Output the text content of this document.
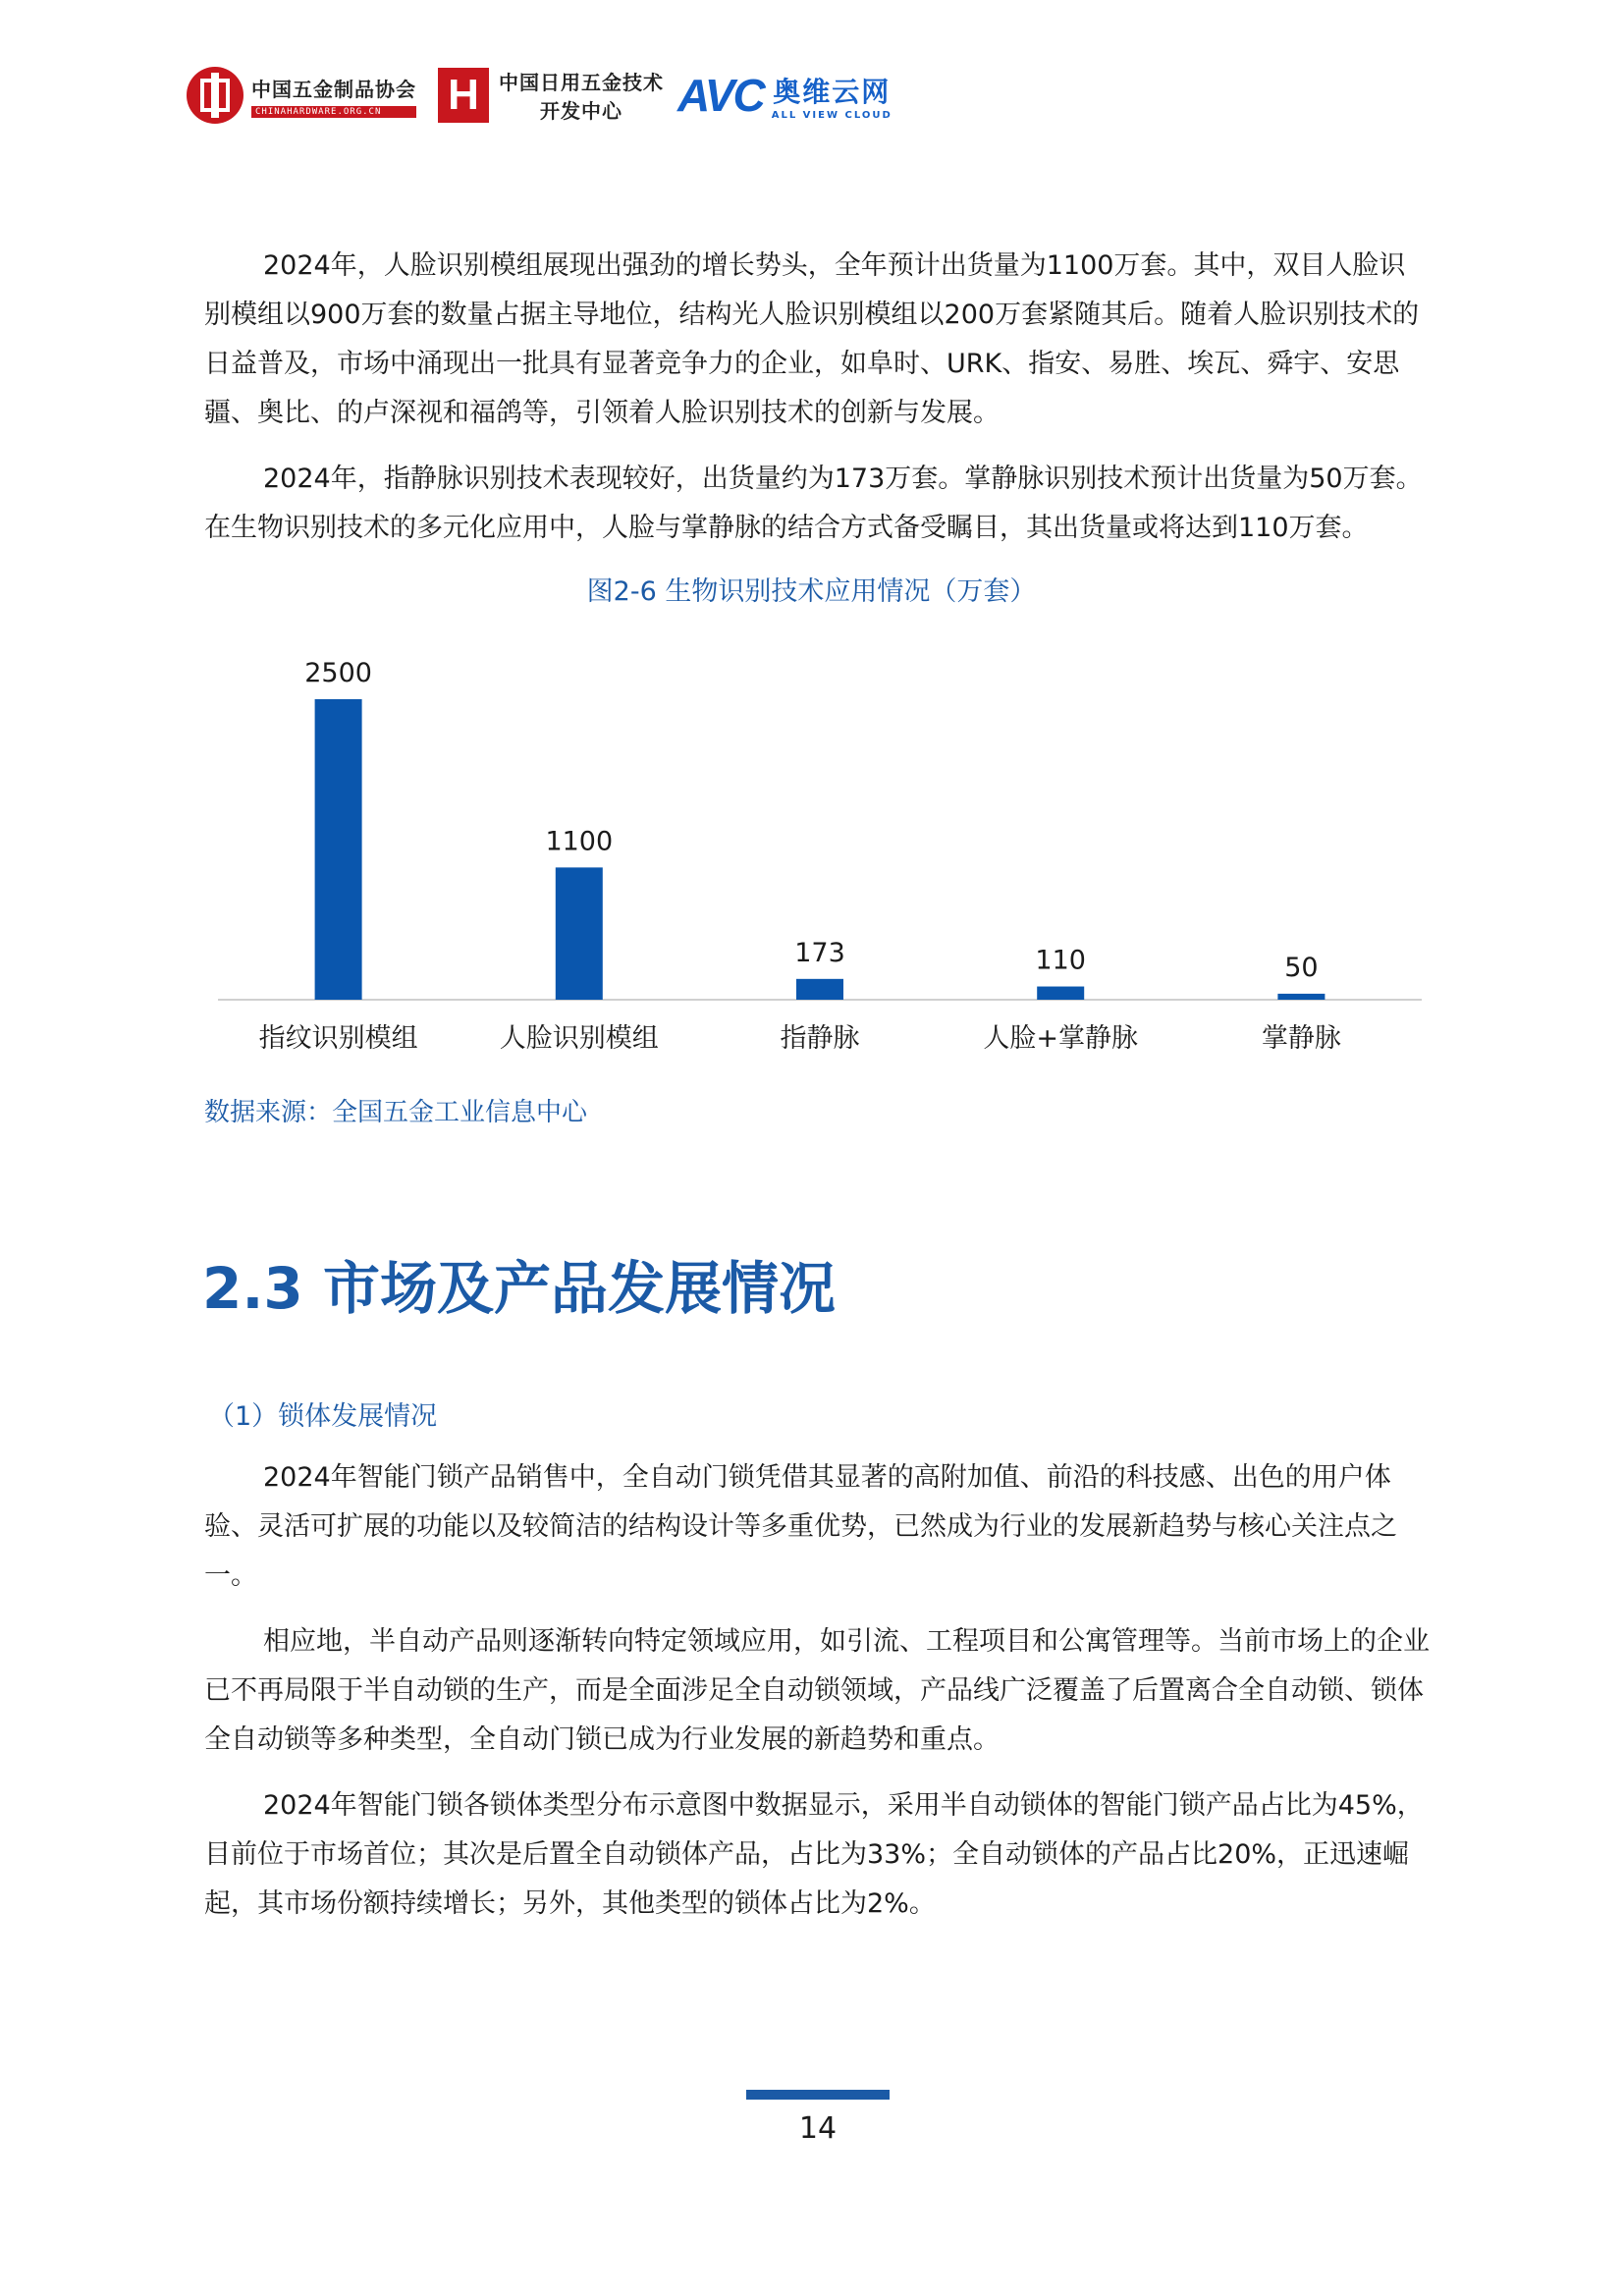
中国五金制品协会
CHINAHARDWARE.ORG.CN	H	中国日用五金技术
开发中心 AVC 奥维云网
ALL VIEW CLOUD

2024年，人脸识别模组展现出强劲的增长势头，全年预计出货量为1100万套。其中，双目人脸识别模组以900万套的数量占据主导地位，结构光人脸识别模组以200万套紧随其后。随着人脸识别技术的日益普及，市场中涌现出一批具有显著竞争力的企业，如阜时、URK、指安、易胜、埃瓦、舜宇、安思疆、奥比、的卢深视和福鸽等，引领着人脸识别技术的创新与发展。

2024年，指静脉识别技术表现较好，出货量约为173万套。掌静脉识别技术预计出货量为50万套。在生物识别技术的多元化应用中，人脸与掌静脉的结合方式备受瞩目，其出货量或将达到110万套。

图2-6 生物识别技术应用情况（万套）
2500
指纹识别模组
1100
人脸识别模组
173
指静脉
110
人脸+掌静脉
50
掌静脉
数据来源：全国五金工业信息中心
2.3 市场及产品发展情况
（1）锁体发展情况

2024年智能门锁产品销售中，全自动门锁凭借其显著的高附加值、前沿的科技感、出色的用户体验、灵活可扩展的功能以及较简洁的结构设计等多重优势，已然成为行业的发展新趋势与核心关注点之一。

相应地，半自动产品则逐渐转向特定领域应用，如引流、工程项目和公寓管理等。当前市场上的企业已不再局限于半自动锁的生产，而是全面涉足全自动锁领域，产品线广泛覆盖了后置离合全自动锁、锁体全自动锁等多种类型，全自动门锁已成为行业发展的新趋势和重点。

2024年智能门锁各锁体类型分布示意图中数据显示，采用半自动锁体的智能门锁产品占比为45%，目前位于市场首位；其次是后置全自动锁体产品，占比为33%；全自动锁体的产品占比20%，正迅速崛起，其市场份额持续增长；另外，其他类型的锁体占比为2%。

14
